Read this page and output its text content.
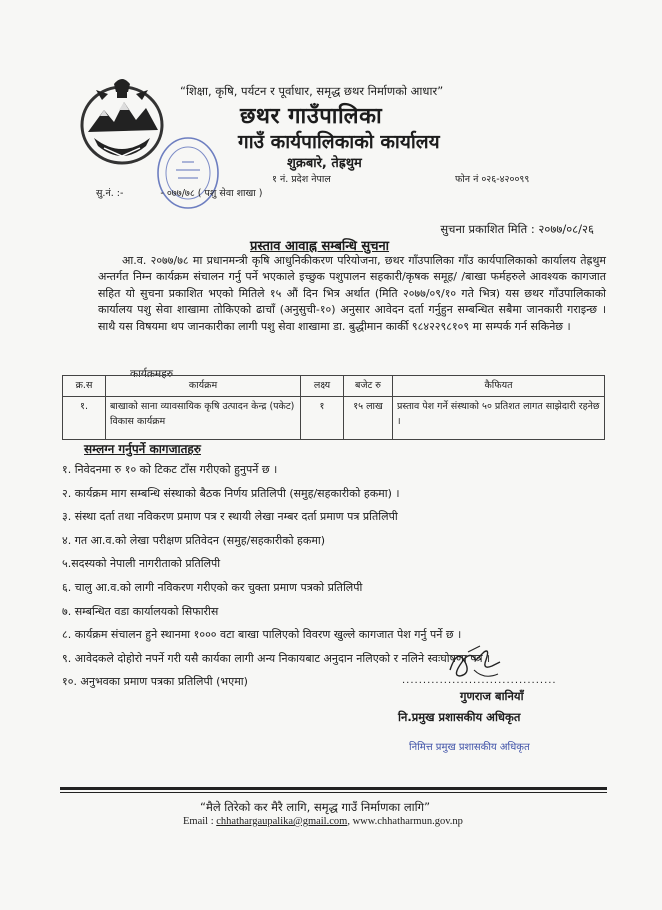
“शिक्षा, कृषि, पर्यटन र पूर्वाधार, समृद्ध छथर निर्माणको आधार”
छथर गाउँपालिका
गाउँ कार्यपालिकाको कार्यालय
शुक्रबारे, तेह्रथुम
१ नं. प्रदेश नेपाल	फोन नं ०२६-४२००९९
सु.नं. :-	- ०७७/७८ ( पशु सेवा शाखा )
सुचना प्रकाशित मिति : २०७७/०८/२६
प्रस्ताव आवाह्न सम्बन्धि सुचना
आ.व. २०७७/७८ मा प्रधानमन्त्री कृषि आधुनिकीकरण परियोजना, छथर गाँउपालिका गाँउ कार्यपालिकाको कार्यालय तेह्रथुम अन्तर्गत निम्न कार्यक्रम संचालन गर्नु पर्ने भएकाले इच्छुक पशुपालन सहकारी/कृषक समूह/ /बाखा फर्महरुले आवश्यक कागजात सहित यो सुचना प्रकाशित भएको मितिले १५ औं दिन भित्र अर्थात (मिति २०७७/०९/१० गते भित्र) यस छथर गाँउपालिकाको कार्यालय पशु सेवा शाखामा तोकिएको ढाचाँ (अनुसुची-१०) अनुसार आवेदन दर्ता गर्नुहुन सम्बन्धित सबैमा जानकारी गराइन्छ । साथै यस विषयमा थप जानकारीका लागी पशु सेवा शाखामा डा. बुद्धीमान कार्की ९८४२२९८१०९ मा सम्पर्क गर्न सकिनेछ ।
कार्यक्रमहरु
क्र.स	कार्यक्रम	लक्ष्य	बजेट रु	कैफियत
१.	बाखाको साना व्यावसायिक कृषि उत्पादन केन्द्र (पकेट) विकास कार्यक्रम	१	१५ लाख	प्रस्ताव पेश गर्ने संस्थाको ५० प्रतिशत लागत साझेदारी रहनेछ ।
सम्लग्न गर्नुपर्ने कागजातहरु
१. निवेदनमा रु १० को टिकट टाँस गरीएको हुनुपर्ने छ ।
२. कार्यक्रम माग सम्बन्धि संस्थाको बैठक निर्णय प्रतिलिपी (समुह/सहकारीको हकमा) ।
३. संस्था दर्ता तथा नविकरण प्रमाण पत्र र स्थायी लेखा नम्बर दर्ता प्रमाण पत्र प्रतिलिपी
४. गत आ.व.को लेखा परीक्षण प्रतिवेदन (समुह/सहकारीको हकमा)
५.सदस्यको नेपाली नागरीताको प्रतिलिपी
६. चालु आ.व.को लागी नविकरण गरीएको कर चुक्ता प्रमाण पत्रको प्रतिलिपी
७. सम्बन्धित वडा कार्यालयको सिफारीस
८. कार्यक्रम संचालन हुने स्थानमा १००० वटा बाखा पालिएको विवरण खुल्ले कागजात पेश गर्नु पर्ने छ ।
९. आवेदकले दोहोरो नपर्ने गरी यसै कार्यका लागी अन्य निकायबाट अनुदान नलिएको र नलिने स्वःघोषणा पत्र ।
१०. अनुभवका प्रमाण पत्रका प्रतिलिपी (भएमा)	.....................................
गुणराज बानियाँ
नि.प्रमुख प्रशासकीय अधिकृत
निमित्त प्रमुख प्रशासकीय अधिकृत
“मैले तिरेको कर मैरै लागि, समृद्ध गाउँ निर्माणका लागि”
Email : chhathargaupalika@gmail.com, www.chhatharmun.gov.np
